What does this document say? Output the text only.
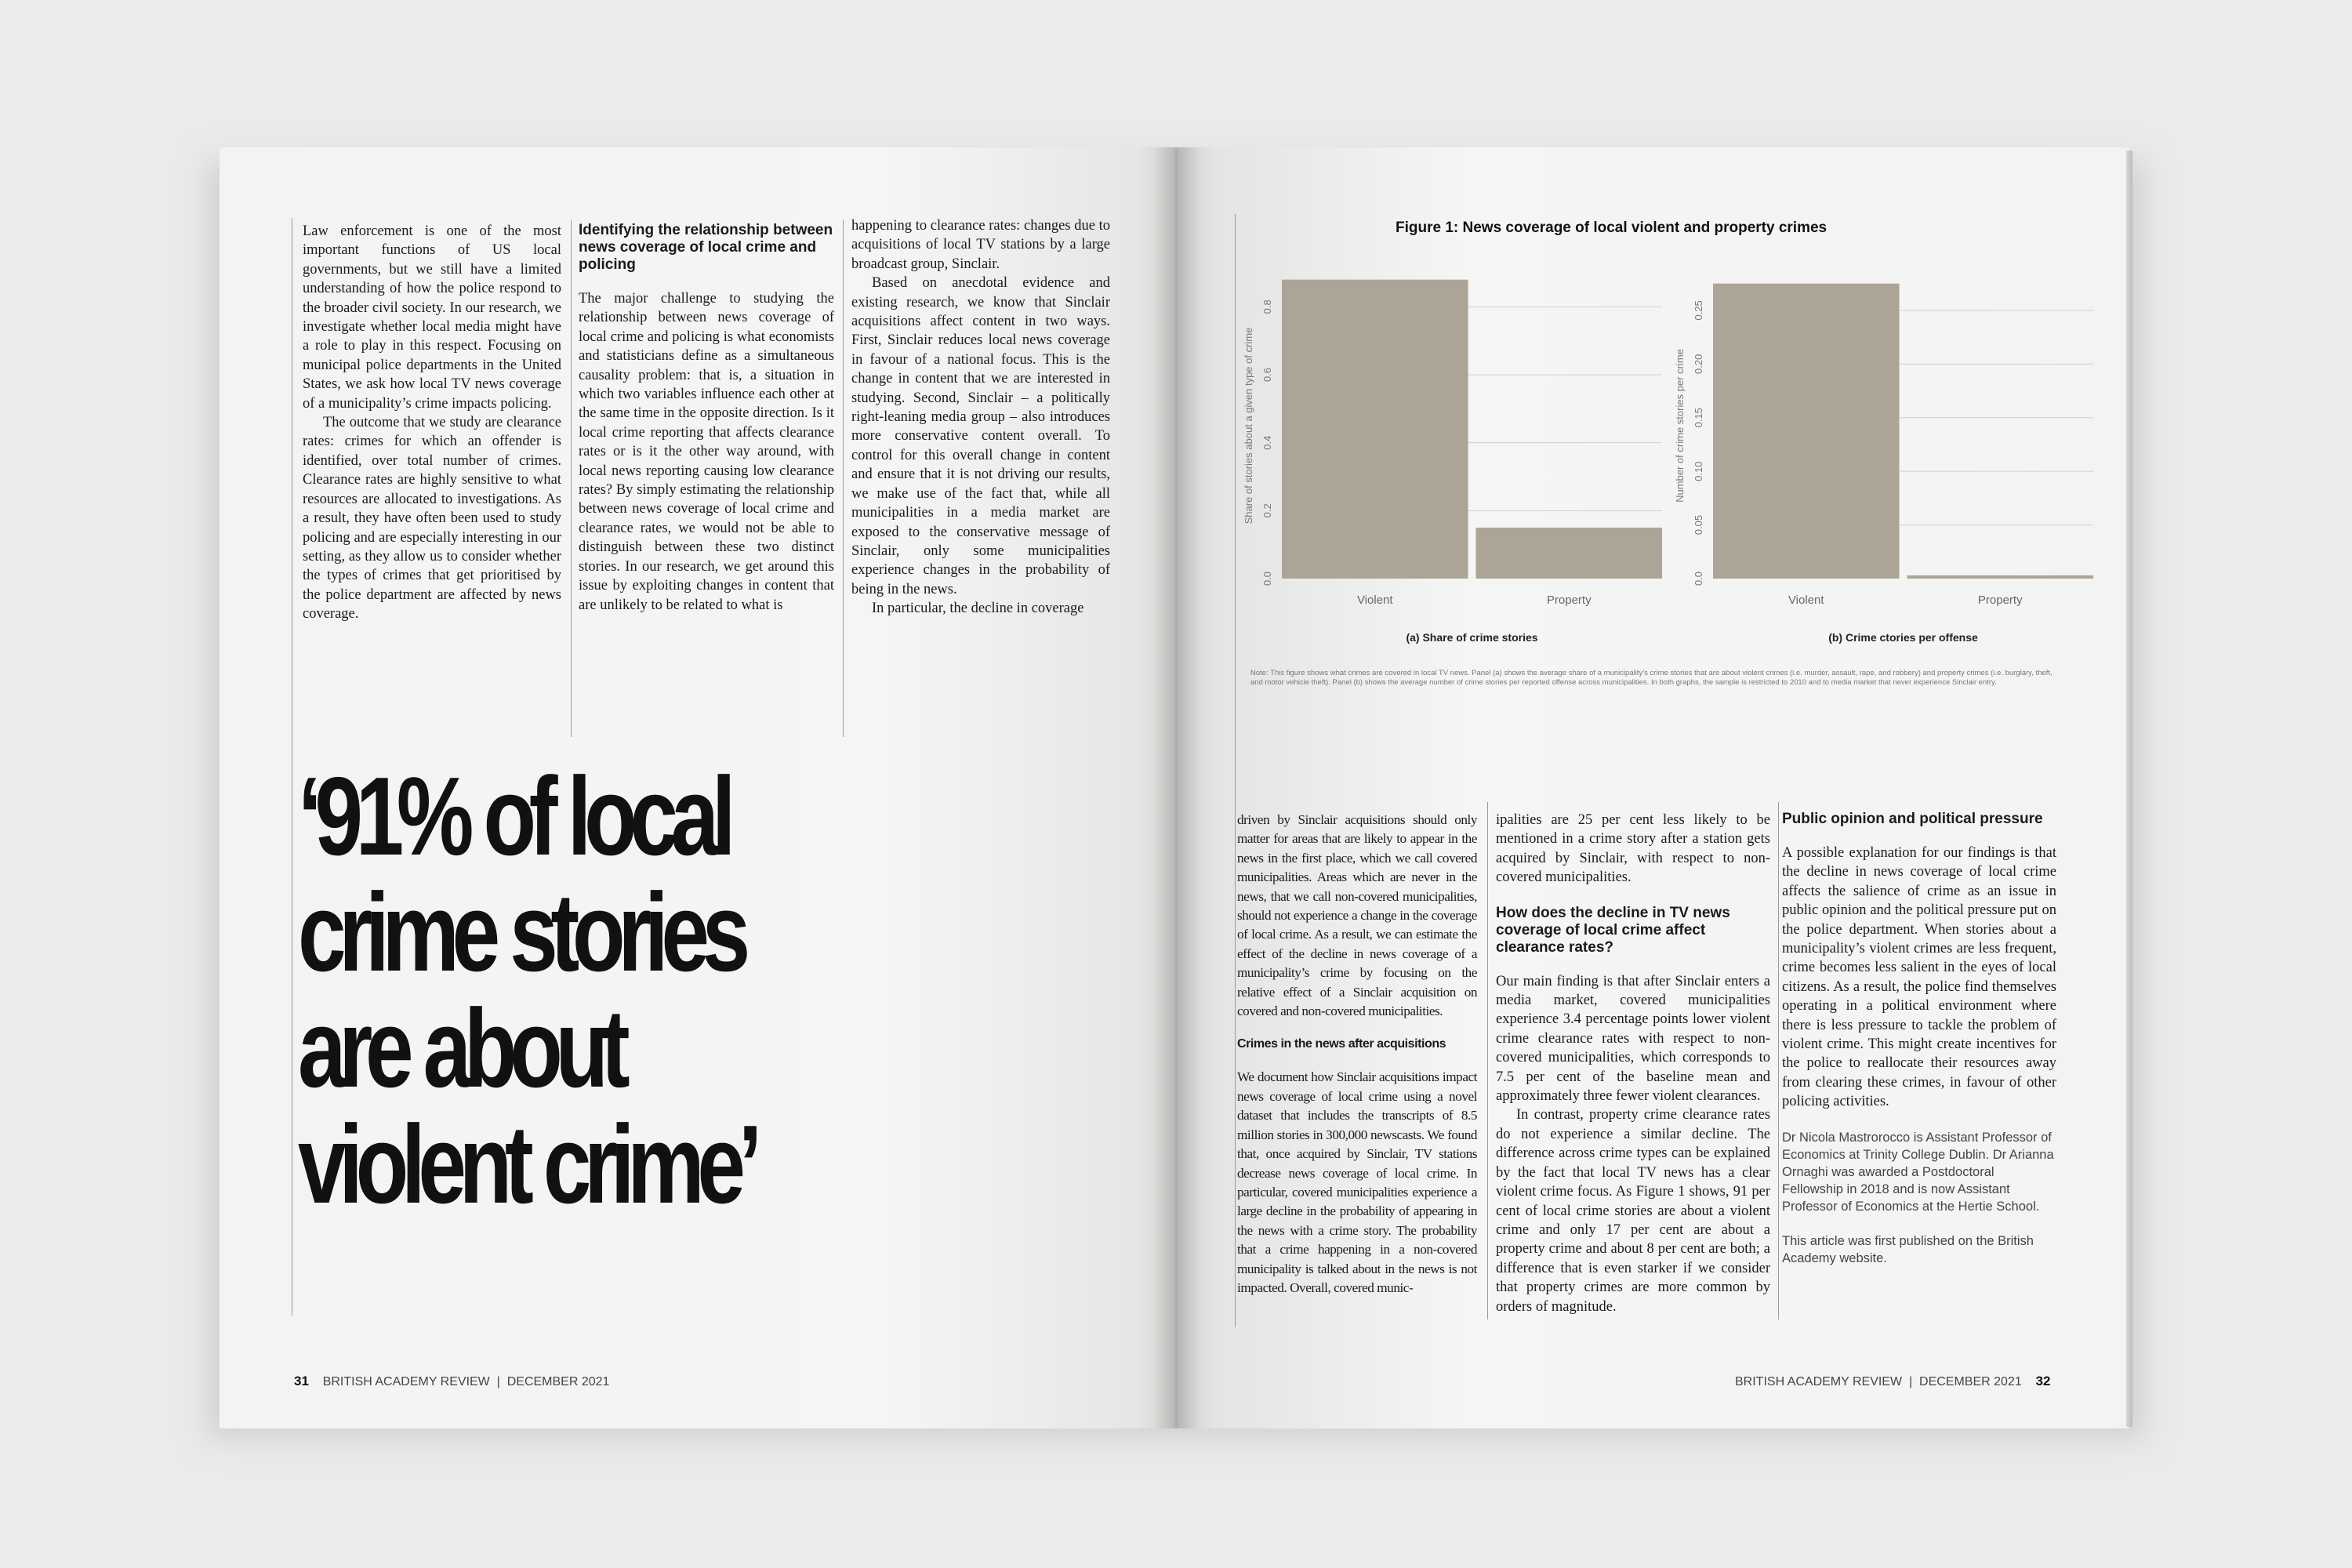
Law enforcement is one of the most important functions of US local governments, but we still have a limited understanding of how the police respond to the broader civil society. In our research, we investigate whether local media might have a role to play in this respect. Focusing on municipal police departments in the United States, we ask how local TV news coverage of a municipality’s crime impacts policing.

The outcome that we study are clearance rates: crimes for which an offender is identified, over total number of crimes. Clearance rates are highly sensitive to what resources are allocated to investigations. As a result, they have often been used to study policing and are especially interesting in our setting, as they allow us to consider whether the types of crimes that get prioritised by the police department are affected by news coverage.

Identifying the relationship between news coverage of local crime and policing

The major challenge to studying the relationship between news coverage of local crime and policing is what economists and statisticians define as a simultaneous causality problem: that is, a situation in which two variables influence each other at the same time in the opposite direction. Is it local crime reporting that affects clearance rates or is it the other way around, with local news reporting causing low clearance rates? By simply estimating the relationship between news coverage of local crime and clearance rates, we would not be able to distinguish between these two distinct stories. In our research, we get around this issue by exploiting changes in content that are unlikely to be related to what is

happening to clearance rates: changes due to acquisitions of local TV stations by a large broadcast group, Sinclair.

Based on anecdotal evidence and existing research, we know that Sinclair acquisitions affect content in two ways. First, Sinclair reduces local news coverage in favour of a national focus. This is the change in content that we are interested in studying. Second, Sinclair – a politically right-leaning media group – also introduces more conservative content overall. To control for this overall change in content and ensure that it is not driving our results, we make use of the fact that, while all municipalities in a media market are exposed to the conservative message of Sinclair, only some municipalities experience changes in the probability of being in the news.

In particular, the decline in coverage

‘91% of local
crime stories
are about
violent crime’
31 BRITISH ACADEMY REVIEW  |  DECEMBER 2021
Figure 1: News coverage of local violent and property crimes
0.0
0.2
0.4
0.6
0.8
Share of stories about a given type of crime
Violent	Property
(a) Share of crime stories
0.0
0.05
0.10
0.15
0.20
0.25
Number of crime stories per crime
Violent	Property
(b) Crime ctories per offense
Note: This figure shows what crimes are covered in local TV news. Panel (a) shows the average share of a municipality’s crime stories that are about violent crimes (i.e. murder, assault, rape, and robbery) and property crimes (i.e. burglary, theft, and motor vehicle theft). Panel (b) shows the average number of crime stories per reported offense across municipalities. In both graphs, the sample is restricted to 2010 and to media market that never experience Sinclair entry.

driven by Sinclair acquisitions should only matter for areas that are likely to appear in the news in the first place, which we call covered municipalities. Areas which are never in the news, that we call non-covered municipalities, should not experience a change in the coverage of local crime. As a result, we can estimate the effect of the decline in news coverage of a municipality’s crime by focusing on the relative effect of a Sinclair acquisition on covered and non-covered municipalities.

Crimes in the news after acquisitions

We document how Sinclair acquisitions impact news coverage of local crime using a novel dataset that includes the transcripts of 8.5 million stories in 300,000 newscasts. We found that, once acquired by Sinclair, TV stations decrease news coverage of local crime. In particular, covered municipalities experience a large decline in the probability of appearing in the news with a crime story. The probability that a crime happening in a non-covered municipality is talked about in the news is not impacted. Overall, covered munic-

ipalities are 25 per cent less likely to be mentioned in a crime story after a station gets acquired by Sinclair, with respect to non-covered municipalities.

How does the decline in TV news coverage of local crime affect clearance rates?

Our main finding is that after Sinclair enters a media market, covered municipalities experience 3.4 percentage points lower violent crime clearance rates with respect to non-covered municipalities, which corresponds to 7.5 per cent of the baseline mean and approximately three fewer violent clearances.

In contrast, property crime clearance rates do not experience a similar decline. The difference across crime types can be explained by the fact that local TV news has a clear violent crime focus. As Figure 1 shows, 91 per cent of local crime stories are about a violent crime and only 17 per cent are about a property crime and about 8 per cent are both; a difference that is even starker if we consider that property crimes are more common by orders of magnitude.

Public opinion and political pressure

A possible explanation for our findings is that the decline in news coverage of local crime affects the salience of crime as an issue in public opinion and the political pressure put on the police department. When stories about a municipality’s violent crimes are less frequent, crime becomes less salient in the eyes of local citizens. As a result, the police find themselves operating in a political environment where there is less pressure to tackle the problem of violent crime. This might create incentives for the police to reallocate their resources away from clearing these crimes, in favour of other policing activities.

Dr Nicola Mastrorocco is Assistant Professor of Economics at Trinity College Dublin. Dr Arianna Ornaghi was awarded a Postdoctoral Fellowship in 2018 and is now Assistant Professor of Economics at the Hertie School.
This article was first published on the British Academy website.
BRITISH ACADEMY REVIEW  |  DECEMBER 2021 32
